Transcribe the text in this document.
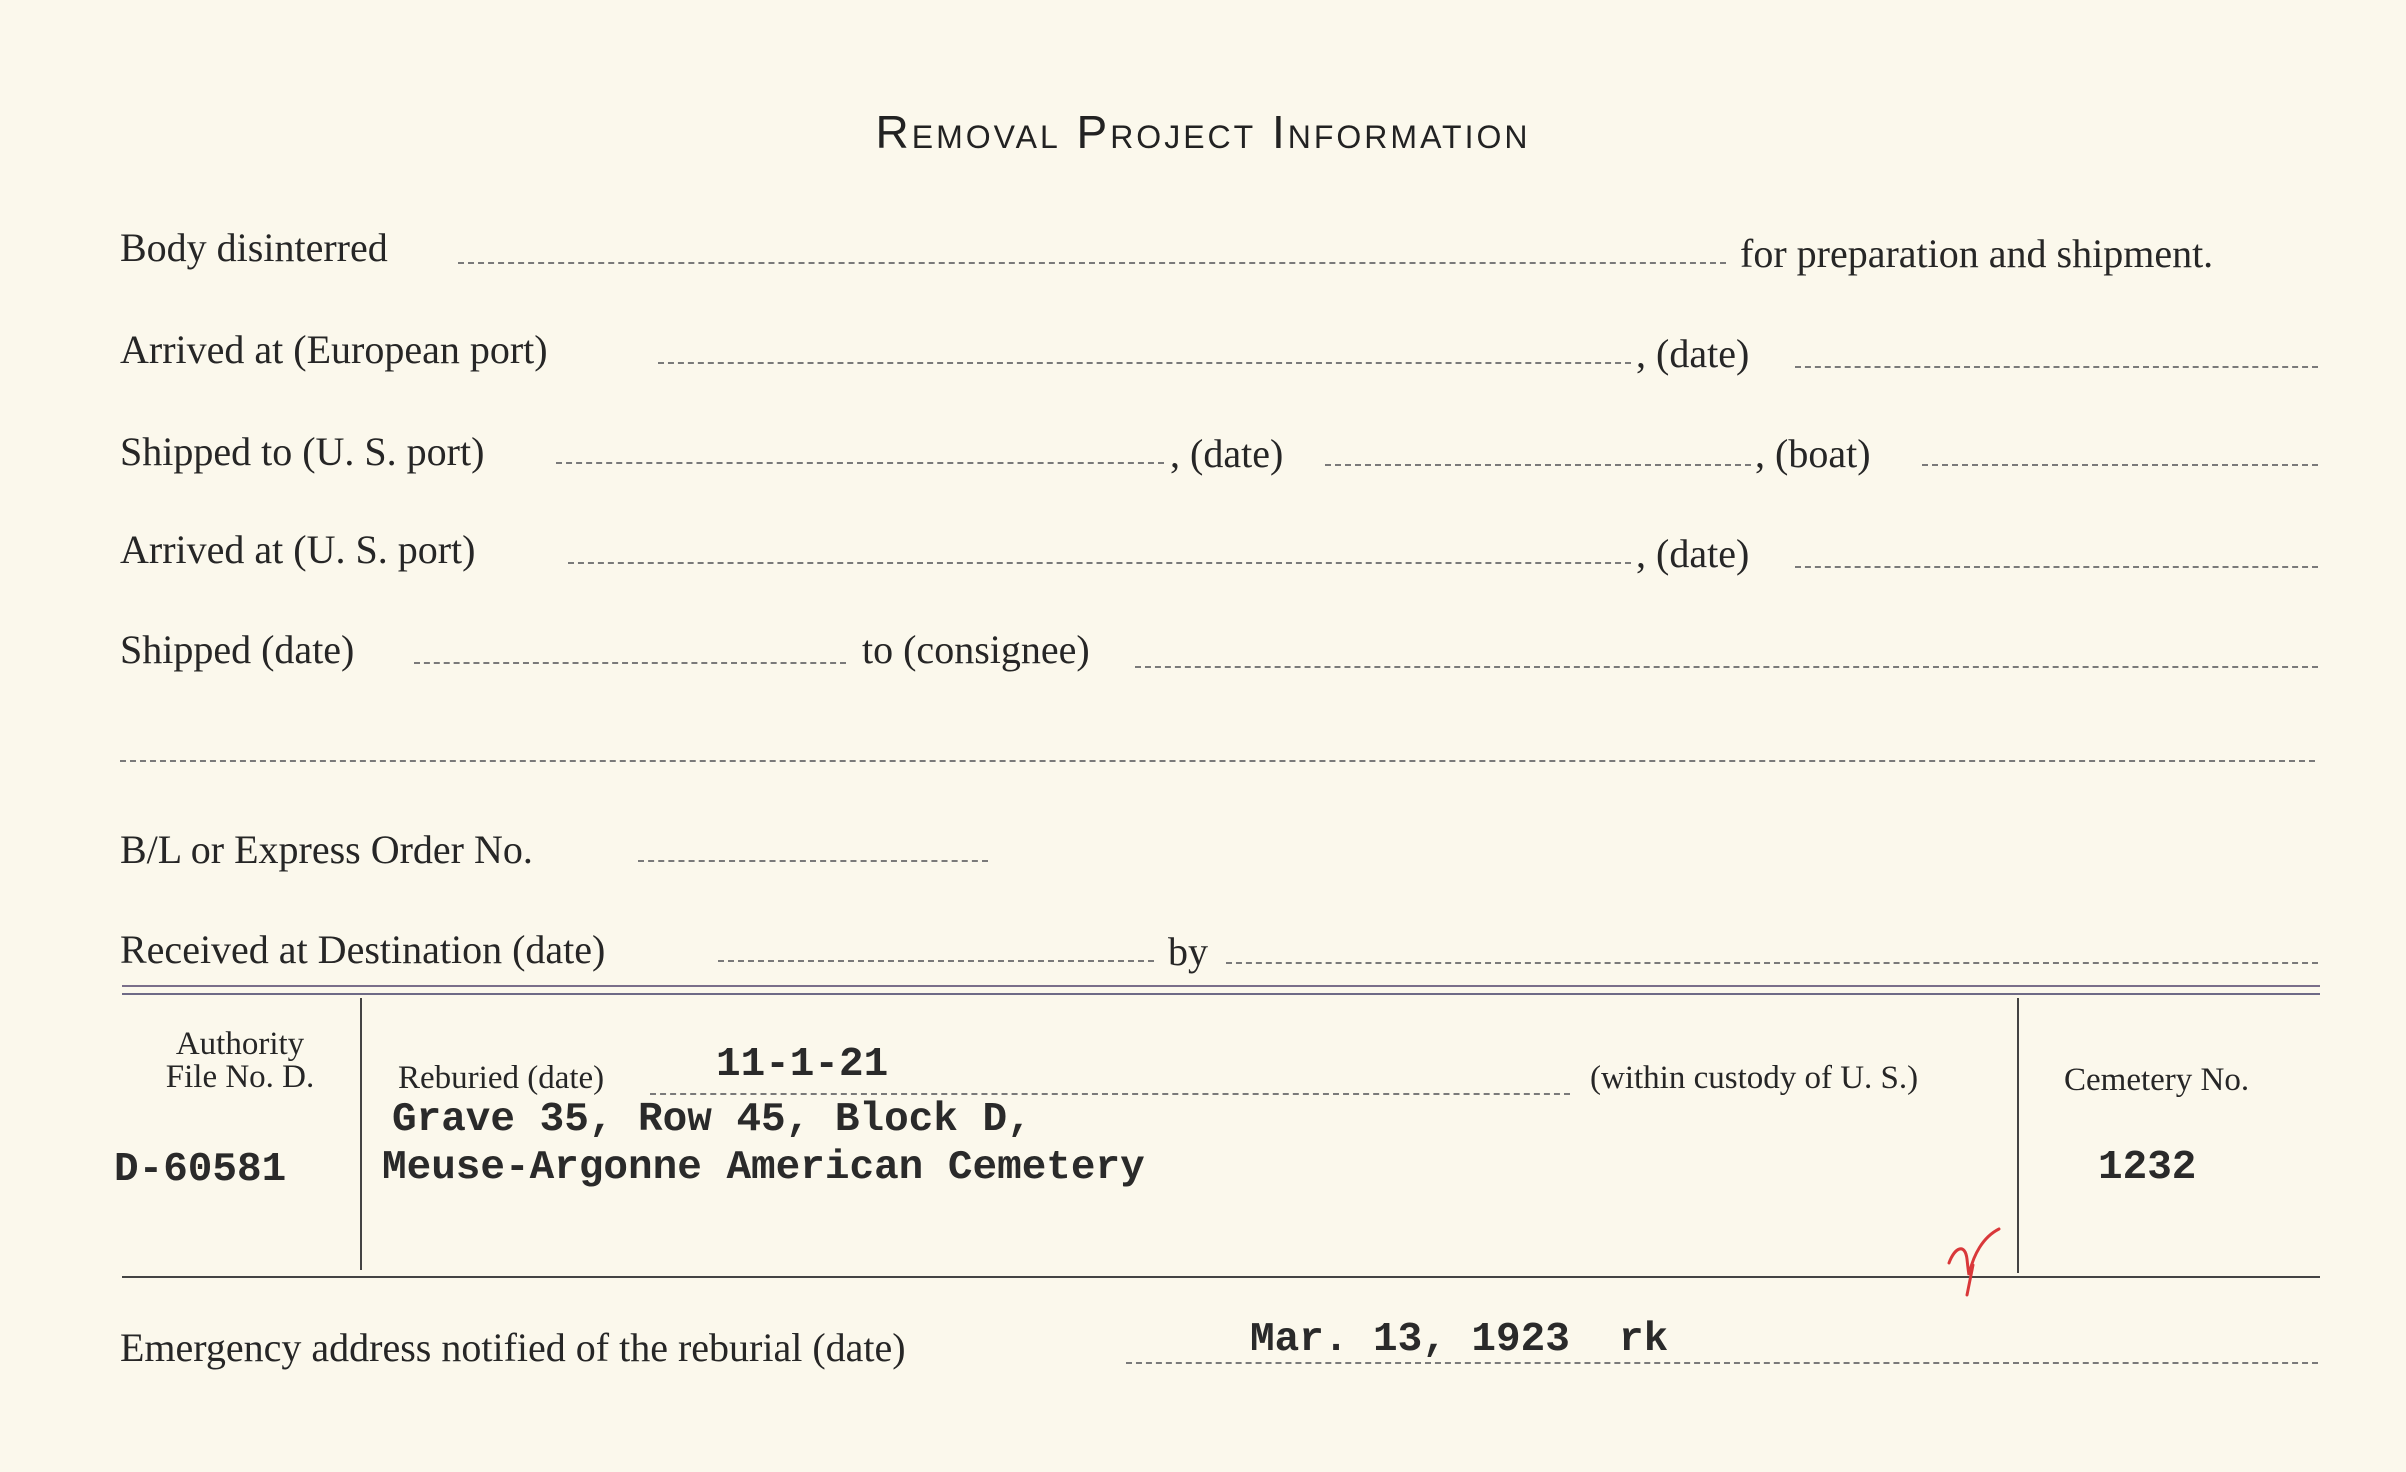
Removal Project Information
Body disinterred	for preparation and shipment.
Arrived at (European port)	, (date)
Shipped to (U. S. port)	, (date)	, (boat)
Arrived at (U. S. port)	, (date)
Shipped (date)	to (consignee)
B/L or Express Order No.
Received at Destination (date)	by
Authority
File No. D.
D-60581
Reburied (date)	11-1-21	(within custody of U. S.)
Grave 35, Row 45, Block D,
Meuse-Argonne American Cemetery
Cemetery No.
1232
Emergency address notified of the reburial (date)	Mar. 13, 1923  rk
